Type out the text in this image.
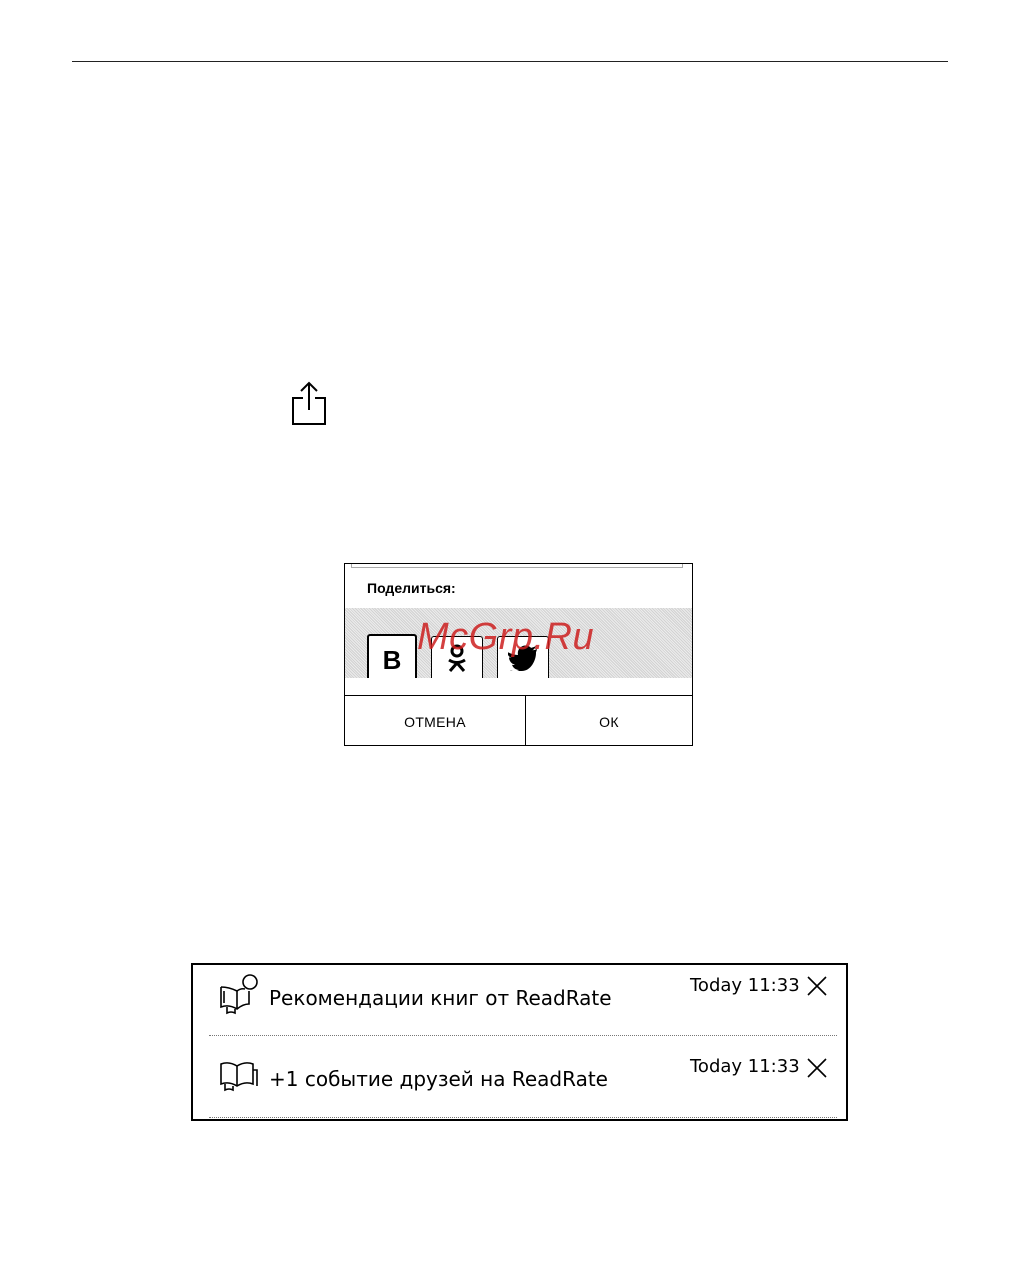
Поделиться:
В
McGrp.Ru
ОТМЕНА	ОК
Рекомендации книг от ReadRate
Today 11:33
+1 событие друзей на ReadRate
Today 11:33
